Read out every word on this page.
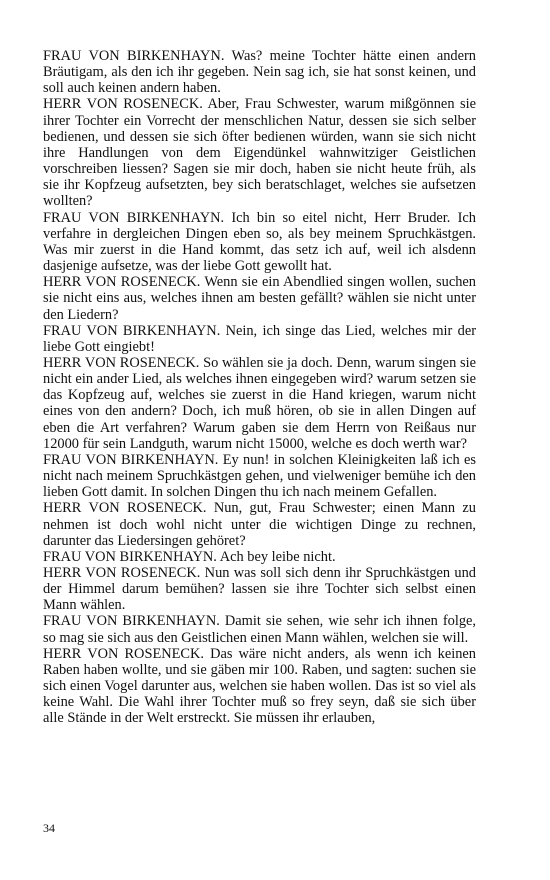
FRAU VON BIRKENHAYN. Was? meine Tochter hätte einen andern Bräutigam, als den ich ihr gegeben. Nein sag ich, sie hat sonst keinen, und soll auch keinen andern haben.

HERR VON ROSENECK. Aber, Frau Schwester, warum mißgönnen sie ihrer Tochter ein Vorrecht der menschlichen Natur, dessen sie sich selber bedienen, und dessen sie sich öfter bedienen würden, wann sie sich nicht ihre Handlungen von dem Eigendünkel wahnwitziger Geistlichen vorschreiben liessen? Sagen sie mir doch, haben sie nicht heute früh, als sie ihr Kopfzeug aufsetzten, bey sich beratschlaget, welches sie aufsetzen wollten?

FRAU VON BIRKENHAYN. Ich bin so eitel nicht, Herr Bruder. Ich verfahre in dergleichen Dingen eben so, als bey meinem Spruchkästgen. Was mir zuerst in die Hand kommt, das setz ich auf, weil ich alsdenn dasjenige aufsetze, was der liebe Gott gewollt hat.

HERR VON ROSENECK. Wenn sie ein Abendlied singen wollen, suchen sie nicht eins aus, welches ihnen am besten gefällt? wählen sie nicht unter den Liedern?

FRAU VON BIRKENHAYN. Nein, ich singe das Lied, welches mir der liebe Gott eingiebt!

HERR VON ROSENECK. So wählen sie ja doch. Denn, warum singen sie nicht ein ander Lied, als welches ihnen eingegeben wird? warum setzen sie das Kopfzeug auf, welches sie zuerst in die Hand kriegen, warum nicht eines von den andern? Doch, ich muß hören, ob sie in allen Dingen auf eben die Art verfahren? Warum gaben sie dem Herrn von Reißaus nur 12000 für sein Landguth, warum nicht 15000, welche es doch werth war?

FRAU VON BIRKENHAYN. Ey nun! in solchen Kleinigkeiten laß ich es nicht nach meinem Spruchkästgen gehen, und vielweniger bemühe ich den lieben Gott damit. In solchen Dingen thu ich nach meinem Gefallen.

HERR VON ROSENECK. Nun, gut, Frau Schwester; einen Mann zu nehmen ist doch wohl nicht unter die wichtigen Dinge zu rechnen, darunter das Liedersingen gehöret?

FRAU VON BIRKENHAYN. Ach bey leibe nicht.

HERR VON ROSENECK. Nun was soll sich denn ihr Spruchkästgen und der Himmel darum bemühen? lassen sie ihre Tochter sich selbst einen Mann wählen.

FRAU VON BIRKENHAYN. Damit sie sehen, wie sehr ich ihnen folge, so mag sie sich aus den Geistlichen einen Mann wählen, welchen sie will.

HERR VON ROSENECK. Das wäre nicht anders, als wenn ich keinen Raben haben wollte, und sie gäben mir 100. Raben, und sagten: suchen sie sich einen Vogel darunter aus, welchen sie haben wollen. Das ist so viel als keine Wahl. Die Wahl ihrer Tochter muß so frey seyn, daß sie sich über alle Stände in der Welt erstreckt. Sie müssen ihr erlauben,

34
